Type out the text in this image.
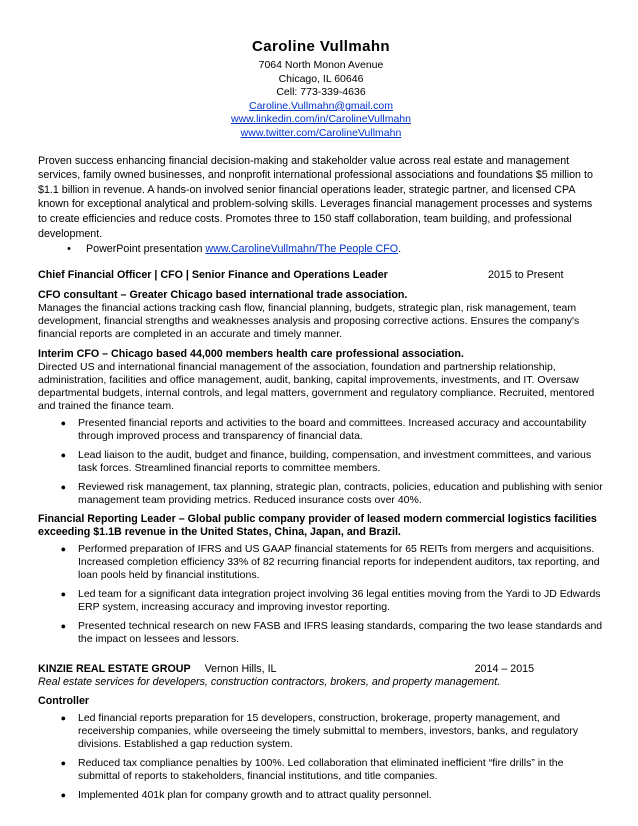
Caroline Vullmahn
7064 North Monon Avenue
Chicago, IL 60646
Cell: 773-339-4636
Caroline.Vullmahn@gmail.com
www.linkedin.com/in/CarolineVullmahn
www.twitter.com/CarolineVullmahn
Proven success enhancing financial decision-making and stakeholder value across real estate and management services, family owned businesses, and nonprofit international professional associations and foundations $5 million to $1.1 billion in revenue. A hands-on involved senior financial operations leader, strategic partner, and licensed CPA known for exceptional analytical and problem-solving skills. Leverages financial management processes and systems to create efficiencies and reduce costs. Promotes three to 150 staff collaboration, team building, and professional development.
•	PowerPoint presentation www.CarolineVullmahn/The People CFO.
Chief Financial Officer | CFO | Senior Finance and Operations Leader	2015 to Present
CFO consultant – Greater Chicago based international trade association.
Manages the financial actions tracking cash flow, financial planning, budgets, strategic plan, risk management, team development, financial strengths and weaknesses analysis and proposing corrective actions. Ensures the company's financial reports are completed in an accurate and timely manner.
Interim CFO – Chicago based 44,000 members health care professional association.
Directed US and international financial management of the association, foundation and partnership relationship, administration, facilities and office management, audit, banking, capital improvements, investments, and IT. Oversaw departmental budgets, internal controls, and legal matters, government and regulatory compliance. Recruited, mentored and trained the finance team.
●	Presented financial reports and activities to the board and committees. Increased accuracy and accountability through improved process and transparency of financial data.
●	Lead liaison to the audit, budget and finance, building, compensation, and investment committees, and various task forces. Streamlined financial reports to committee members.
●	Reviewed risk management, tax planning, strategic plan, contracts, policies, education and publishing with senior management team providing metrics. Reduced insurance costs over 40%.
Financial Reporting Leader – Global public company provider of leased modern commercial logistics facilities exceeding $1.1B revenue in the United States, China, Japan, and Brazil.
●	Performed preparation of IFRS and US GAAP financial statements for 65 REITs from mergers and acquisitions. Increased completion efficiency 33% of 82 recurring financial reports for independent auditors, tax reporting, and loan pools held by financial institutions.
●	Led team for a significant data integration project involving 36 legal entities moving from the Yardi to JD Edwards ERP system, increasing accuracy and improving investor reporting.
●	Presented technical research on new FASB and IFRS leasing standards, comparing the two lease standards and the impact on lessees and lessors.
KINZIE REAL ESTATE GROUP Vernon Hills, IL	2014 – 2015
Real estate services for developers, construction contractors, brokers, and property management.
Controller
●	Led financial reports preparation for 15 developers, construction, brokerage, property management, and receivership companies, while overseeing the timely submittal to members, investors, banks, and regulatory divisions. Established a gap reduction system.
●	Reduced tax compliance penalties by 100%. Led collaboration that eliminated inefficient “fire drills” in the submittal of reports to stakeholders, financial institutions, and title companies.
●	Implemented 401k plan for company growth and to attract quality personnel.
